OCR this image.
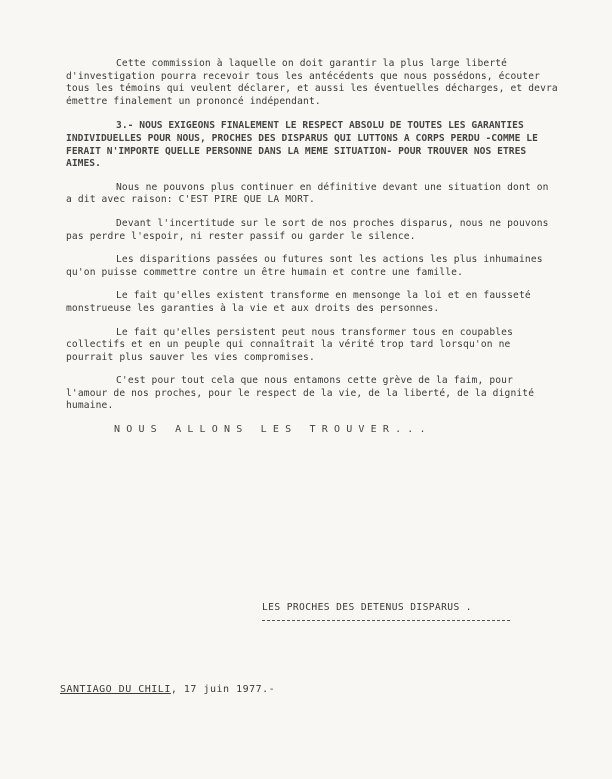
Cette commission à laquelle on doit garantir la plus large liberté d'investigation pourra recevoir tous les antécédents que nous possédons, écouter tous les témoins qui veulent déclarer, et aussi les éventuelles décharges, et devra émettre finalement un prononcé indépendant.

3.- NOUS EXIGEONS FINALEMENT LE RESPECT ABSOLU DE TOUTES LES GARANTIES INDIVIDUELLES POUR NOUS, PROCHES DES DISPARUS QUI LUTTONS A CORPS PERDU -COMME LE FERAIT N'IMPORTE QUELLE PERSONNE DANS LA MEME SITUATION- POUR TROUVER NOS ETRES AIMES.

Nous ne pouvons plus continuer en définitive devant une situation dont on a dit avec raison: C'EST PIRE QUE LA MORT.

Devant l'incertitude sur le sort de nos proches disparus, nous ne pouvons pas perdre l'espoir, ni rester passif ou garder le silence.

Les disparitions passées ou futures sont les actions les plus inhumaines qu'on puisse commettre contre un être humain et contre une famille.

Le fait qu'elles existent transforme en mensonge la loi et en fausseté monstrueuse les garanties à la vie et aux droits des personnes.

Le fait qu'elles persistent peut nous transformer tous en coupables collectifs et en un peuple qui connaîtrait la vérité trop tard lorsqu'on ne pourrait plus sauver les vies compromises.

C'est pour tout cela que nous entamons cette grève de la faim, pour l'amour de nos proches, pour le respect de la vie, de la liberté, de la dignité humaine.

NOUS ALLONS LES TROUVER...
LES PROCHES DES DETENUS DISPARUS .
SANTIAGO DU CHILI, 17 juin 1977.-
